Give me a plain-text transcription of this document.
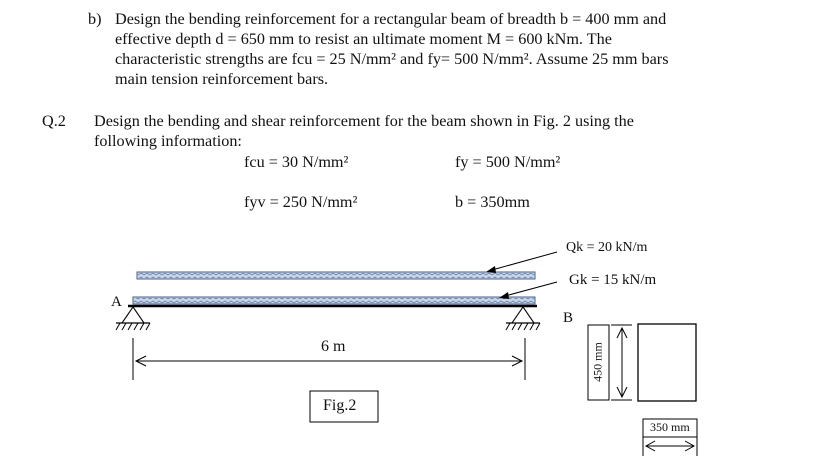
b) Design the bending reinforcement for a rectangular beam of breadth b = 400 mm and
effective depth d = 650 mm to resist an ultimate moment M = 600 kNm. The
characteristic strengths are fcu = 25 N/mm² and fy= 500 N/mm². Assume 25 mm bars
main tension reinforcement bars.
Q.2 Design the bending and shear reinforcement for the beam shown in Fig. 2 using the
following information:
fcu = 30 N/mm²	fy = 500 N/mm²
fyv = 250 N/mm²	b = 350mm
Qk = 20 kN/m
Gk = 15 kN/m
A
B
6 m
Fig.2
450 mm
350 mm
